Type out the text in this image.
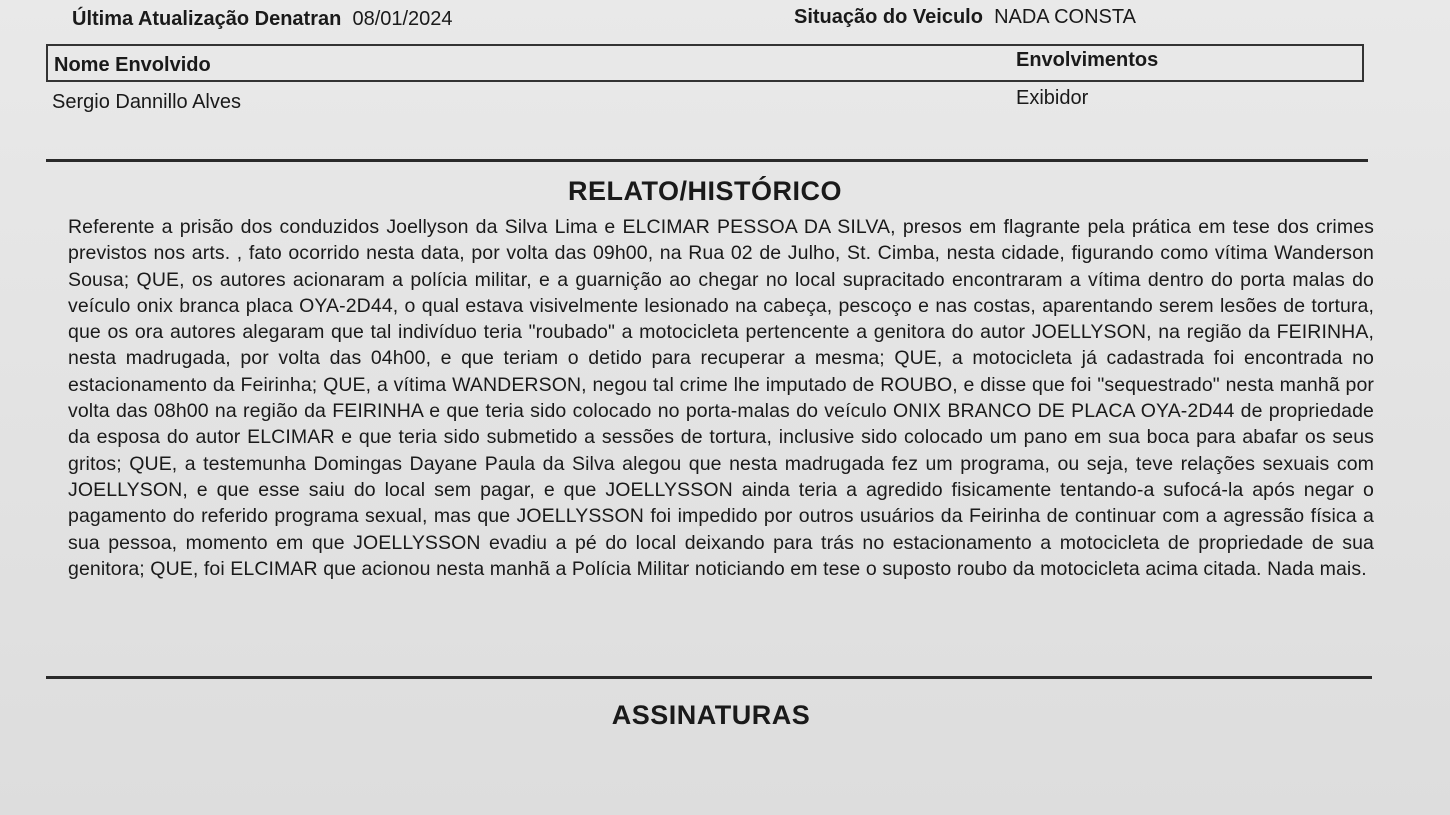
Última Atualização Denatran 08/01/2024	Situação do Veiculo NADA CONSTA
Nome Envolvido	Envolvimentos
Sergio Dannillo Alves	Exibidor
RELATO/HISTÓRICO
Referente a prisão dos conduzidos Joellyson da Silva Lima e ELCIMAR PESSOA DA SILVA, presos em flagrante pela prática em tese dos crimes previstos nos arts. , fato ocorrido nesta data, por volta das 09h00, na Rua 02 de Julho, St. Cimba, nesta cidade, figurando como vítima Wanderson Sousa; QUE, os autores acionaram a polícia militar, e a guarnição ao chegar no local supracitado encontraram a vítima dentro do porta malas do veículo onix branca placa OYA-2D44, o qual estava visivelmente lesionado na cabeça, pescoço e nas costas, aparentando serem lesões de tortura, que os ora autores alegaram que tal indivíduo teria "roubado" a motocicleta pertencente a genitora do autor JOELLYSON, na região da FEIRINHA, nesta madrugada, por volta das 04h00, e que teriam o detido para recuperar a mesma; QUE, a motocicleta já cadastrada foi encontrada no estacionamento da Feirinha; QUE, a vítima WANDERSON, negou tal crime lhe imputado de ROUBO, e disse que foi "sequestrado" nesta manhã por volta das 08h00 na região da FEIRINHA e que teria sido colocado no porta-malas do veículo ONIX BRANCO DE PLACA OYA-2D44 de propriedade da esposa do autor ELCIMAR e que teria sido submetido a sessões de tortura, inclusive sido colocado um pano em sua boca para abafar os seus gritos; QUE, a testemunha Domingas Dayane Paula da Silva alegou que nesta madrugada fez um programa, ou seja, teve relações sexuais com JOELLYSON, e que esse saiu do local sem pagar, e que JOELLYSSON ainda teria a agredido fisicamente tentando-a sufocá-la após negar o pagamento do referido programa sexual, mas que JOELLYSSON foi impedido por outros usuários da Feirinha de continuar com a agressão física a sua pessoa, momento em que JOELLYSSON evadiu a pé do local deixando para trás no estacionamento a motocicleta de propriedade de sua genitora; QUE, foi ELCIMAR que acionou nesta manhã a Polícia Militar noticiando em tese o suposto roubo da motocicleta acima citada. Nada mais.
ASSINATURAS
